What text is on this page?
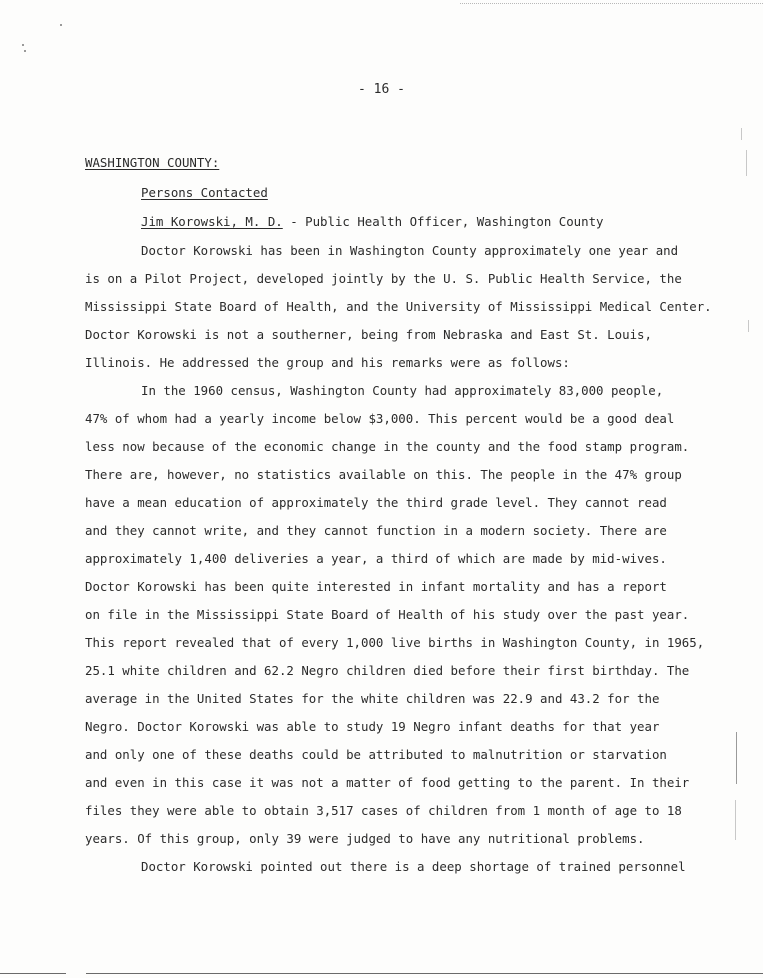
- 16 -
WASHINGTON COUNTY:
Persons Contacted
Jim Korowski, M. D. - Public Health Officer, Washington County
Doctor Korowski has been in Washington County approximately one year and
is on a Pilot Project, developed jointly by the U. S. Public Health Service, the
Mississippi State Board of Health, and the University of Mississippi Medical Center.
Doctor Korowski is not a southerner, being from Nebraska and East St. Louis,
Illinois. He addressed the group and his remarks were as follows:
In the 1960 census, Washington County had approximately 83,000 people,
47% of whom had a yearly income below $3,000. This percent would be a good deal
less now because of the economic change in the county and the food stamp program.
There are, however, no statistics available on this. The people in the 47% group
have a mean education of approximately the third grade level. They cannot read
and they cannot write, and they cannot function in a modern society. There are
approximately 1,400 deliveries a year, a third of which are made by mid-wives.
Doctor Korowski has been quite interested in infant mortality and has a report
on file in the Mississippi State Board of Health of his study over the past year.
This report revealed that of every 1,000 live births in Washington County, in 1965,
25.1 white children and 62.2 Negro children died before their first birthday. The
average in the United States for the white children was 22.9 and 43.2 for the
Negro. Doctor Korowski was able to study 19 Negro infant deaths for that year
and only one of these deaths could be attributed to malnutrition or starvation
and even in this case it was not a matter of food getting to the parent. In their
files they were able to obtain 3,517 cases of children from 1 month of age to 18
years. Of this group, only 39 were judged to have any nutritional problems.
Doctor Korowski pointed out there is a deep shortage of trained personnel
